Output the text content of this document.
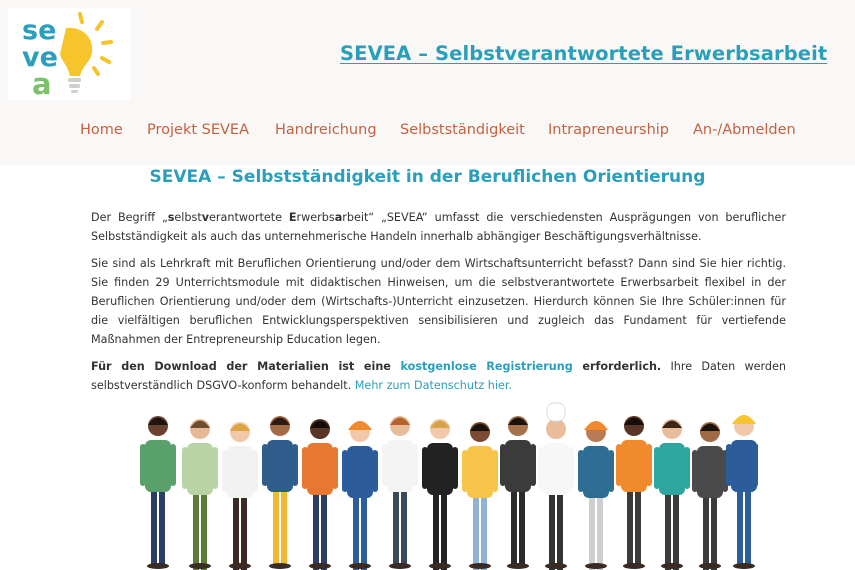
se
ve
a
SEVEA – Selbstverantwortete Erwerbsarbeit
Home Projekt SEVEA Handreichung Selbstständigkeit Intrapreneurship An-/Abmelden
SEVEA – Selbstständigkeit in der Beruflichen Orientierung

Der Begriff „selbstverantwortete Erwerbsarbeit“ „SEVEA“ umfasst die verschiedensten Ausprägungen von beruflicher Selbstständigkeit als auch das unternehmerische Handeln innerhalb abhängiger Beschäftigungsverhältnisse.

Sie sind als Lehrkraft mit Beruflichen Orientierung und/oder dem Wirtschaftsunterricht befasst? Dann sind Sie hier richtig. Sie finden 29 Unterrichtsmodule mit didaktischen Hinweisen, um die selbstverantwortete Erwerbsarbeit flexibel in der Beruflichen Orientierung und/oder dem (Wirtschafts-)Unterricht einzusetzen. Hierdurch können Sie Ihre Schüler:innen für die vielfältigen beruflichen Entwicklungsperspektiven sensibilisieren und zugleich das Fundament für vertiefende Maßnahmen der Entrepreneurship Education legen.

Für den Download der Materialien ist eine kostgenlose Registrierung erforderlich. Ihre Daten werden selbstverständlich DSGVO-konform behandelt. Mehr zum Datenschutz hier.
